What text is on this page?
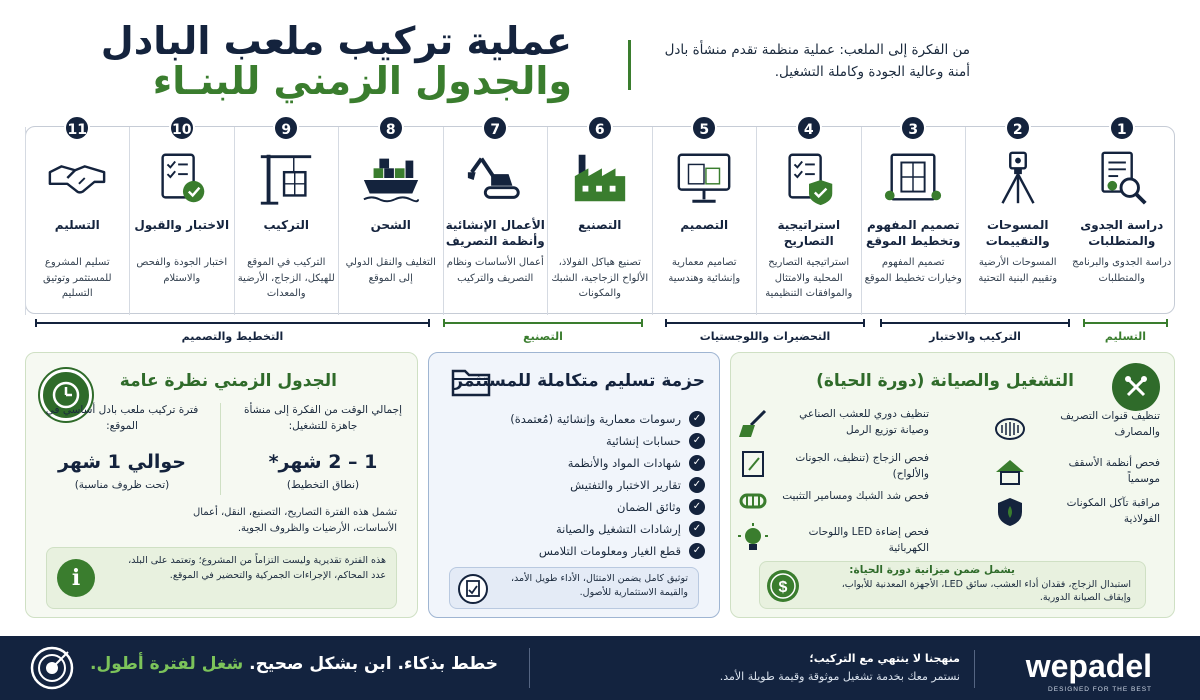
عملية تركيب ملعب البادل
والجدول الزمني للبنـاء
من الفكرة إلى الملعب: عملية منظمة تقدم منشأة بادل أمنة وعالية الجودة وكاملة التشغيل.
1
دراسة الجدوى والمتطلبات
دراسة الجدوى والبرنامج والمتطلبات
2
المسوحات والتقييمات
المسوحات الأرضية وتقييم البنية التحتية
3
تصميم المفهوم وتخطيط الموقع
تصميم المفهوم وخيارات تخطيط الموقع
4
استراتيجية التصاريح
استراتيجية التصاريح المحلية والامتثال والموافقات التنظيمية
5
التصميم
تصاميم معمارية وإنشائية وهندسية
6
التصنيع
تصنيع هياكل الفولاذ، الألواح الزجاجية، الشبك والمكونات
7
الأعمال الإنشائية وأنظمة التصريف
أعمال الأساسات ونظام التصريف والتركيب
8
الشحن
التغليف والنقل الدولي إلى الموقع
9
التركيب
التركيب في الموقع للهيكل، الزجاج، الأرضية والمعدات
10
الاختبار والقبول
اختبار الجودة والفحص والاستلام
11
التسليم
تسليم المشروع للمستثمر وتوثيق التسليم
التخطيط والتصميم	التصنيع	التحضيرات واللوجستيات	التركيب والاختبار	التسليم
التشغيل والصيانة (دورة الحياة)
تنظيف قنوات التصريف والمصارف
تنظيف دوري للعشب الصناعي وصيانة توزيع الرمل
فحص أنظمة الأسقف موسمياً
فحص الزجاج (تنظيف، الجونات والألواح)
مراقبة تآكل المكونات الفولاذية
فحص شد الشبك ومسامير التثبيت
فحص إضاءة LED واللوحات الكهربائية
$
يشمل ضمن ميزانية دورة الحياة:
استبدال الزجاج، فقدان أداء العشب، سائق LED، الأجهزة المعدنية للأبواب، وإيقاف الصيانة الدورية.
حزمة تسليم متكاملة للمستثمر
✓
رسومات معمارية وإنشائية (مُعتمدة)
✓
حسابات إنشائية
✓
شهادات المواد والأنظمة
✓
تقارير الاختبار والتفتيش
✓
وثائق الضمان
✓
إرشادات التشغيل والصيانة
✓
قطع الغيار ومعلومات التلامس
توثيق كامل يضمن الامتثال، الأداء طويل الأمد، والقيمة الاستثمارية للأصول.
الجدول الزمني نظرة عامة
إجمالي الوقت من الفكرة إلى منشأة جاهزة للتشغيل:
1 – 2 شهر*
(نطاق التخطيط)
فترة تركيب ملعب بادل أساسي في الموقع:
حوالي 1 شهر
(تحت ظروف مناسبة)
تشمل هذه الفترة التصاريح، التصنيع، النقل، أعمال الأساسات، الأرضيات والظروف الجوية.
i
هذه الفترة تقديرية وليست التزاماً من المشروع؛ وتعتمد على البلد، عدد المحاكم، الإجراءات الجمركية والتحضير في الموقع.
wepadel
DESIGNED FOR THE BEST
منهجنا لا ينتهي مع التركيب؛
نستمر معك بخدمة تشغيل موثوقة وقيمة طويلة الأمد.
خطط بذكاء. ابن بشكل صحيح. شغل لفترة أطول.
